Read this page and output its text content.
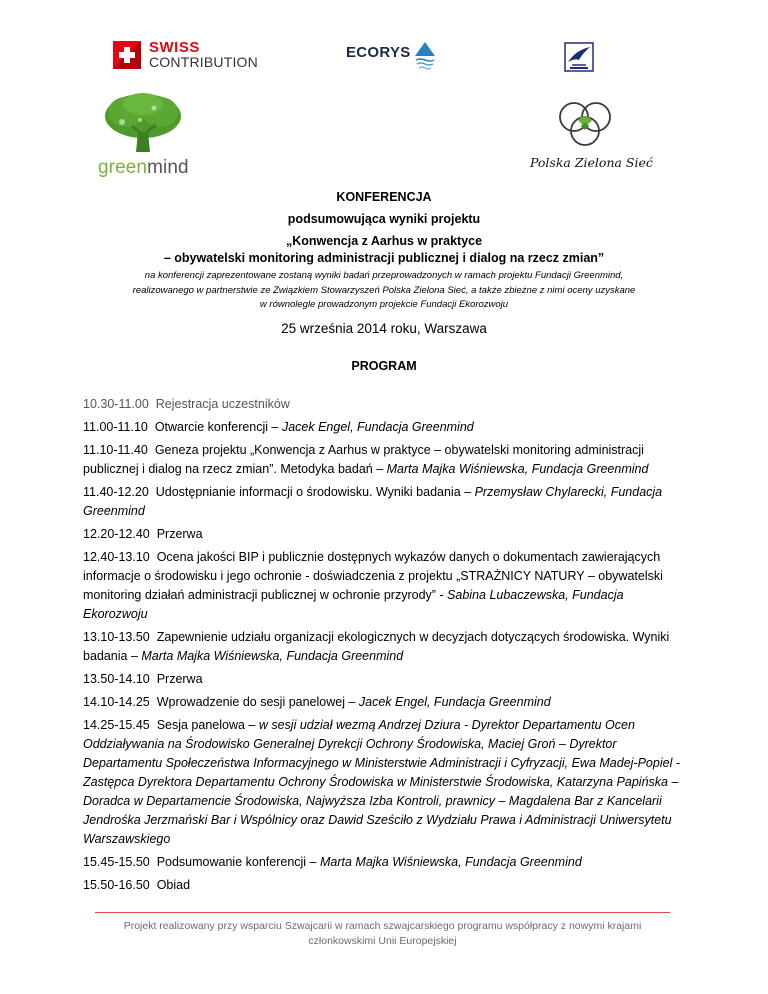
SWISS
CONTRIBUTION
ECORYS
greenmind	Polska Zielona Sieć
KONFERENCJA
podsumowująca wyniki projektu
„Konwencja z Aarhus w praktyce
– obywatelski monitoring administracji publicznej i dialog na rzecz zmian”
na konferencji zaprezentowane zostaną wyniki badań przeprowadzonych w ramach projektu Fundacji Greenmind,
realizowanego w partnerstwie ze Związkiem Stowarzyszeń Polska Zielona Sieć, a także zbieżne z nimi oceny uzyskane
w równolegle prowadzonym projekcie Fundacji Ekorozwoju
25 września 2014 roku, Warszawa
PROGRAM
10.30-11.00 Rejestracja uczestników
11.00-11.10 Otwarcie konferencji – Jacek Engel, Fundacja Greenmind
11.10-11.40 Geneza projektu „Konwencja z Aarhus w praktyce – obywatelski monitoring administracji publicznej i dialog na rzecz zmian”. Metodyka badań – Marta Majka Wiśniewska, Fundacja Greenmind
11.40-12.20 Udostępnianie informacji o środowisku. Wyniki badania – Przemysław Chylarecki, Fundacja Greenmind
12.20-12.40 Przerwa
12.40-13.10 Ocena jakości BIP i publicznie dostępnych wykazów danych o dokumentach zawierających informacje o środowisku i jego ochronie - doświadczenia z projektu „STRAŻNICY NATURY – obywatelski monitoring działań administracji publicznej w ochronie przyrody” - Sabina Lubaczewska, Fundacja Ekorozwoju
13.10-13.50 Zapewnienie udziału organizacji ekologicznych w decyzjach dotyczących środowiska. Wyniki badania – Marta Majka Wiśniewska, Fundacja Greenmind
13.50-14.10 Przerwa
14.10-14.25 Wprowadzenie do sesji panelowej – Jacek Engel, Fundacja Greenmind
14.25-15.45 Sesja panelowa – w sesji udział wezmą Andrzej Dziura - Dyrektor Departamentu Ocen Oddziaływania na Środowisko Generalnej Dyrekcji Ochrony Środowiska, Maciej Groń – Dyrektor Departamentu Społeczeństwa Informacyjnego w Ministerstwie Administracji i Cyfryzacji, Ewa Madej-Popiel - Zastępca Dyrektora Departamentu Ochrony Środowiska w Ministerstwie Środowiska, Katarzyna Papińska – Doradca w Departamencie Środowiska, Najwyższa Izba Kontroli, prawnicy – Magdalena Bar z Kancelarii Jendrośka Jerzmański Bar i Wspólnicy oraz Dawid Sześciło z Wydziału Prawa i Administracji Uniwersytetu Warszawskiego
15.45-15.50 Podsumowanie konferencji – Marta Majka Wiśniewska, Fundacja Greenmind
15.50-16.50 Obiad
Projekt realizowany przy wsparciu Szwajcarii w ramach szwajcarskiego programu współpracy z nowymi krajami
członkowskimi Unii Europejskiej
